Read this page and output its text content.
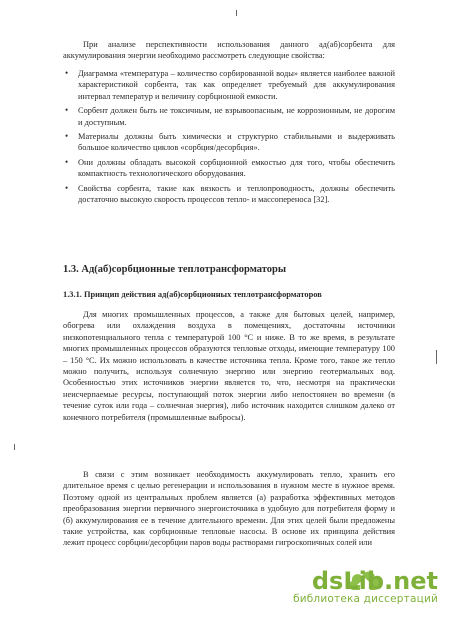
При анализе перспективности использования данного ад(аб)сорбента для аккумулирования энергии необходимо рассмотреть следующие свойства:

• Диаграмма «температура – количество сорбированной воды» является наиболее важной характеристикой сорбента, так как определяет требуемый для аккумулирования интервал температур и величину сорбционной емкости.
• Сорбент должен быть не токсичным, не взрывоопасным, не коррозионным, не дорогим и доступным.
• Материалы должны быть химически и структурно стабильными и выдерживать большое количество циклов «сорбция/десорбция».
• Они должны обладать высокой сорбционной емкостью для того, чтобы обеспечить компактность технологического оборудования.
• Свойства сорбента, такие как вязкость и теплопроводность, должны обеспечить достаточно высокую скорость процессов тепло- и массопереноса [32].
1.3. Ад(аб)сорбционные теплотрансформаторы
1.3.1. Принцип действия ад(аб)сорбционных теплотрансформаторов

Для многих промышленных процессов, а также для бытовых целей, например, обогрева или охлаждения воздуха в помещениях, достаточны источники низкопотенциального тепла с температурой 100 °С и ниже. В то же время, в результате многих промышленных процессов образуются тепловые отходы, имеющие температуру 100 – 150 °С. Их можно использовать в качестве источника тепла. Кроме того, такое же тепло можно получить, используя солнечную энергию или энергию геотермальных вод. Особенностью этих источников энергии является то, что, несмотря на практически неисчерпаемые ресурсы, поступающий поток энергии либо непостоянен во времени (в течение суток или года – солнечная энергия), либо источник находится слишком далеко от конечного потребителя (промышленные выбросы).

В связи с этим возникает необходимость аккумулировать тепло, хранить его длительное время с целью регенерации и использования в нужном месте в нужное время. Поэтому одной из центральных проблем является (а) разработка эффективных методов преобразования энергии первичного энергоисточника в удобную для потребителя форму и (б) аккумулирования ее в течение длительного времени. Для этих целей были предложены такие устройства, как сорбционные тепловые насосы. В основе их принципа действия лежит процесс сорбции/десорбции паров воды растворами гигроскопичных солей или

dsLib.net
библиотека диссертаций
